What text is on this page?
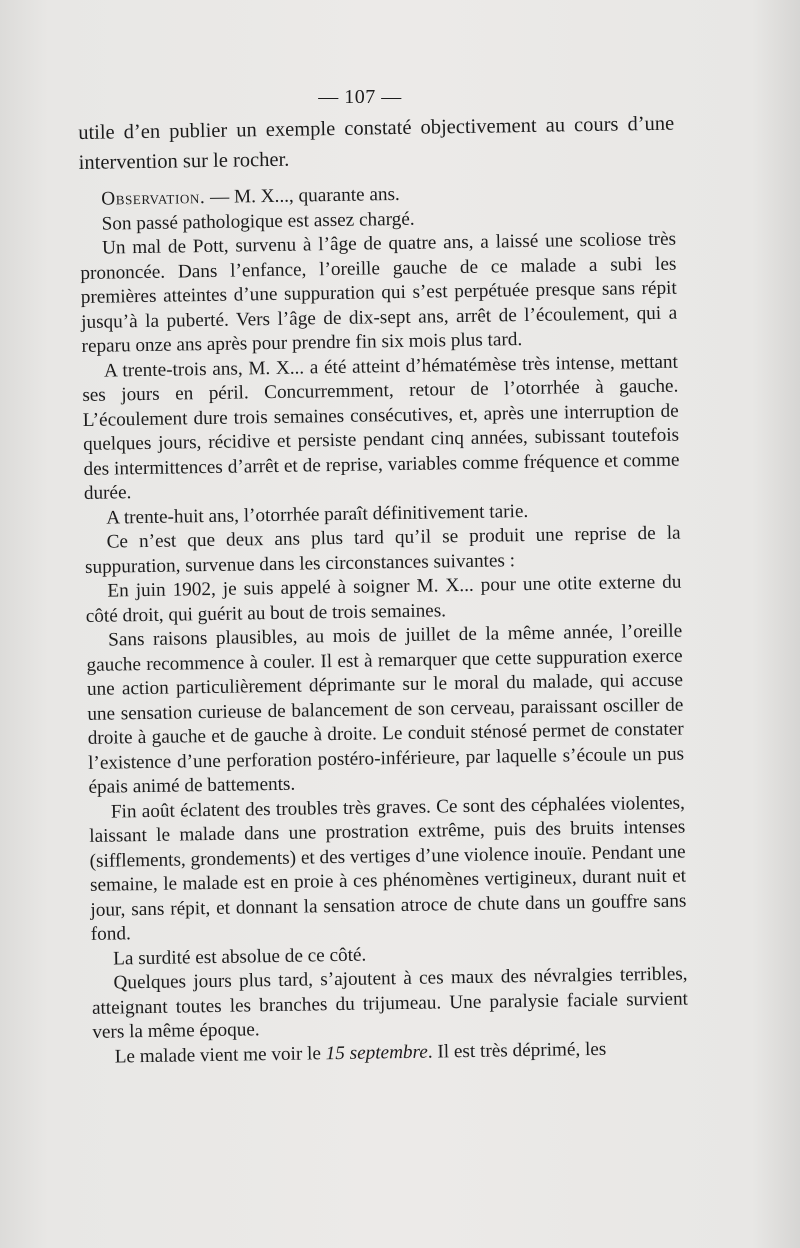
— 107 —

utile d’en publier un exemple constaté objectivement au cours d’une intervention sur le rocher.

Observation. — M. X..., quarante ans.

Son passé pathologique est assez chargé.

Un mal de Pott, survenu à l’âge de quatre ans, a laissé une scoliose très prononcée. Dans l’enfance, l’oreille gauche de ce malade a subi les premières atteintes d’une suppuration qui s’est perpétuée presque sans répit jusqu’à la puberté. Vers l’âge de dix-sept ans, arrêt de l’écoulement, qui a reparu onze ans après pour prendre fin six mois plus tard.

A trente-trois ans, M. X... a été atteint d’hématémèse très intense, mettant ses jours en péril. Concurremment, retour de l’otorrhée à gauche. L’écoulement dure trois semaines consécutives, et, après une interruption de quelques jours, récidive et persiste pendant cinq années, subissant toutefois des intermittences d’arrêt et de reprise, variables comme fréquence et comme durée.

A trente-huit ans, l’otorrhée paraît définitivement tarie.

Ce n’est que deux ans plus tard qu’il se produit une reprise de la suppuration, survenue dans les circonstances suivantes :

En juin 1902, je suis appelé à soigner M. X... pour une otite externe du côté droit, qui guérit au bout de trois semaines.

Sans raisons plausibles, au mois de juillet de la même année, l’oreille gauche recommence à couler. Il est à remarquer que cette suppuration exerce une action particulièrement déprimante sur le moral du malade, qui accuse une sensation curieuse de balancement de son cerveau, paraissant osciller de droite à gauche et de gauche à droite. Le conduit sténosé permet de constater l’existence d’une perforation postéro-inférieure, par laquelle s’écoule un pus épais animé de battements.

Fin août éclatent des troubles très graves. Ce sont des céphalées violentes, laissant le malade dans une prostration extrême, puis des bruits intenses (sifflements, grondements) et des vertiges d’une violence inouïe. Pendant une semaine, le malade est en proie à ces phénomènes vertigineux, durant nuit et jour, sans répit, et donnant la sensation atroce de chute dans un gouffre sans fond.

La surdité est absolue de ce côté.

Quelques jours plus tard, s’ajoutent à ces maux des névralgies terribles, atteignant toutes les branches du trijumeau. Une paralysie faciale survient vers la même époque.

Le malade vient me voir le 15 septembre. Il est très déprimé, les
